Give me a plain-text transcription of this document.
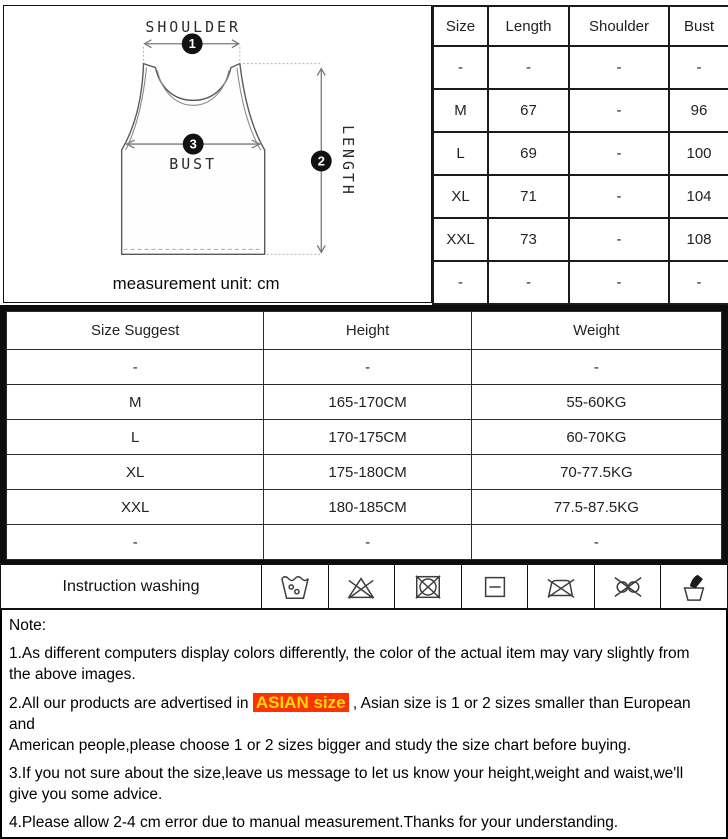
1
3
2
SHOULDER
BUST	LENGTH
measurement unit: cm
Size	Length	Shoulder	Bust
-	-	-	-
M	67	-	96
L	69	-	100
XL	71	-	104
XXL	73	-	108
-	-	-	-
Size Suggest	Height	Weight
-	-	-
M	165-170CM	55-60KG
L	170-175CM	60-70KG
XL	175-180CM	70-77.5KG
XXL	180-185CM	77.5-87.5KG
-	-	-
Instruction washing
Note:
1.As different computers display colors differently, the color of the actual item may vary slightly from
the above images.
2.All our products are advertised in ASIAN size , Asian size is 1 or 2 sizes smaller than European
and
American people,please choose 1 or 2 sizes bigger and study the size chart before buying.
3.If you not sure about the size,leave us message to let us know your height,weight and waist,we'll
give you some advice.
4.Please allow 2-4 cm error due to manual measurement.Thanks for your understanding.
